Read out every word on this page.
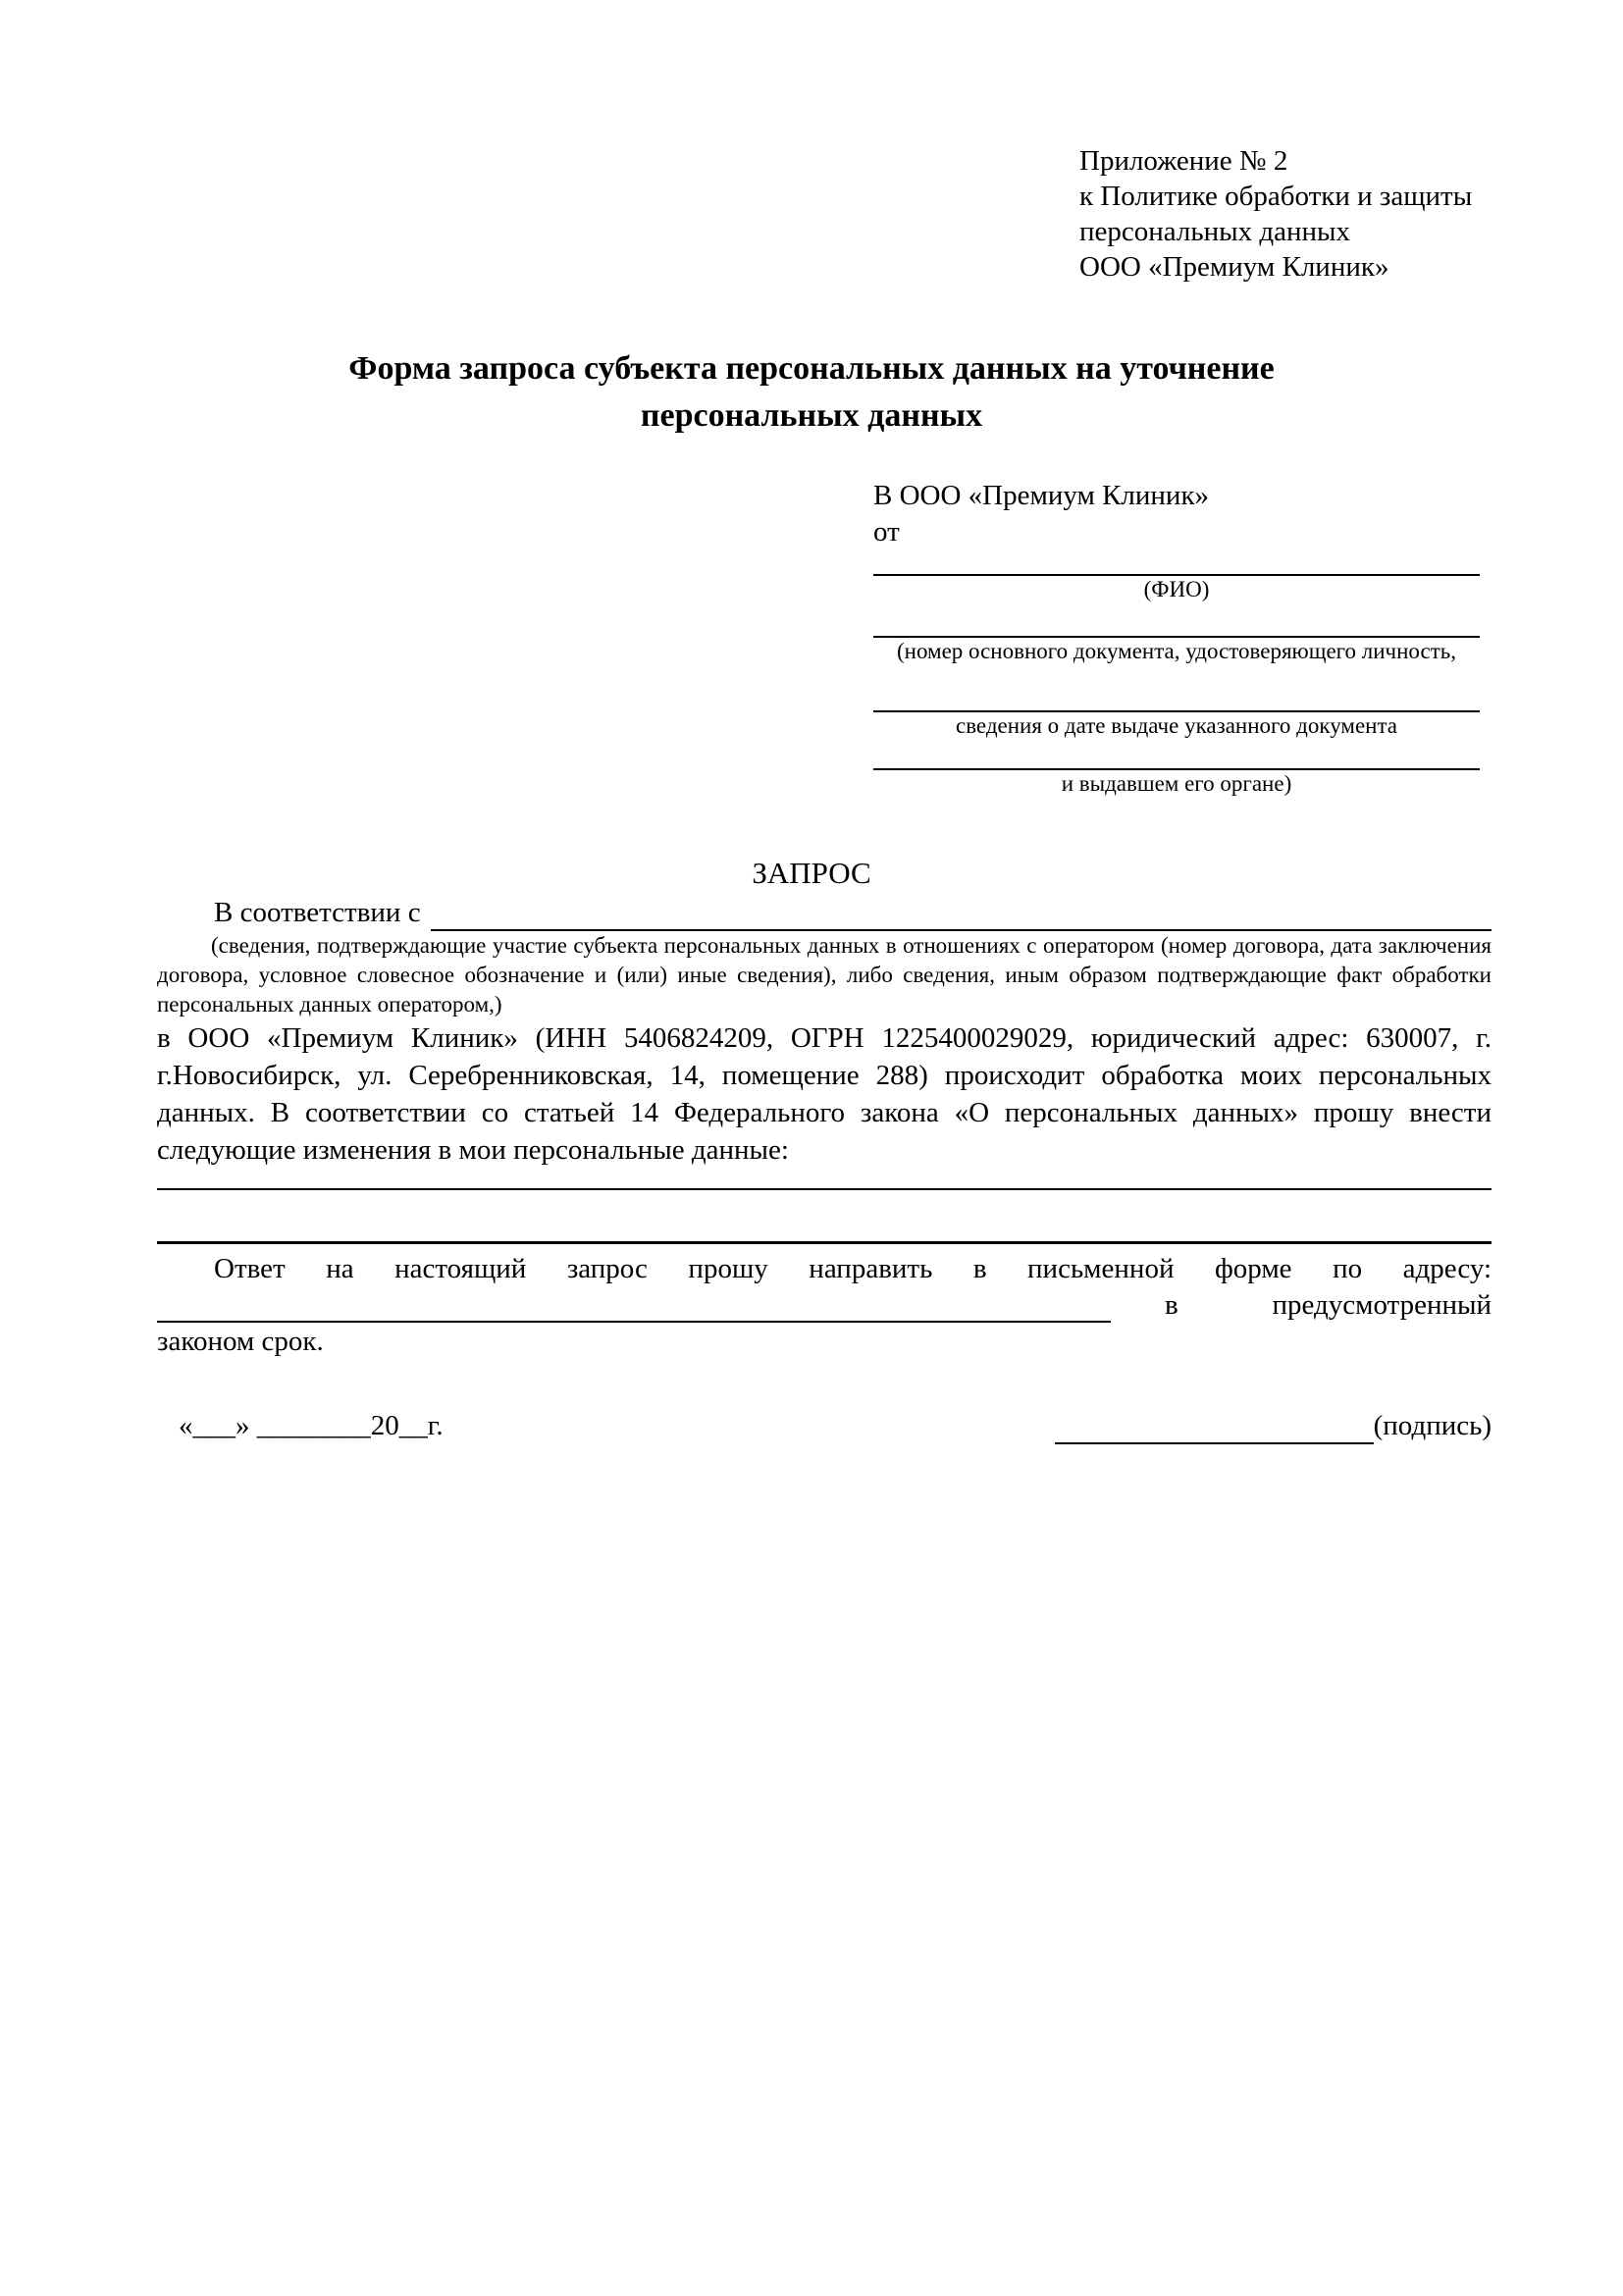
Приложение № 2
к Политике обработки и защиты
персональных данных
ООО «Премиум Клиник»
Форма запроса субъекта персональных данных на уточнение персональных данных
В ООО «Премиум Клиник»
от
(ФИО)
(номер основного документа, удостоверяющего личность,
сведения о дате выдаче указанного документа
и выдавшем его органе)
ЗАПРОС
В соответствии с
(сведения, подтверждающие участие субъекта персональных данных в отношениях с оператором (номер договора, дата заключения договора, условное словесное обозначение и (или) иные сведения), либо сведения, иным образом подтверждающие факт обработки персональных данных оператором,)
в ООО «Премиум Клиник» (ИНН 5406824209, ОГРН 1225400029029, юридический адрес: 630007, г. г.Новосибирск, ул. Серебренниковская, 14, помещение 288) происходит обработка моих персональных данных. В соответствии со статьей 14 Федерального закона «О персональных данных» прошу внести следующие изменения в мои персональные данные:
Ответ на настоящий запрос прошу направить в письменной форме по адресу:
в	предусмотренный
законом срок.
«___» ________20__г.	(подпись)
